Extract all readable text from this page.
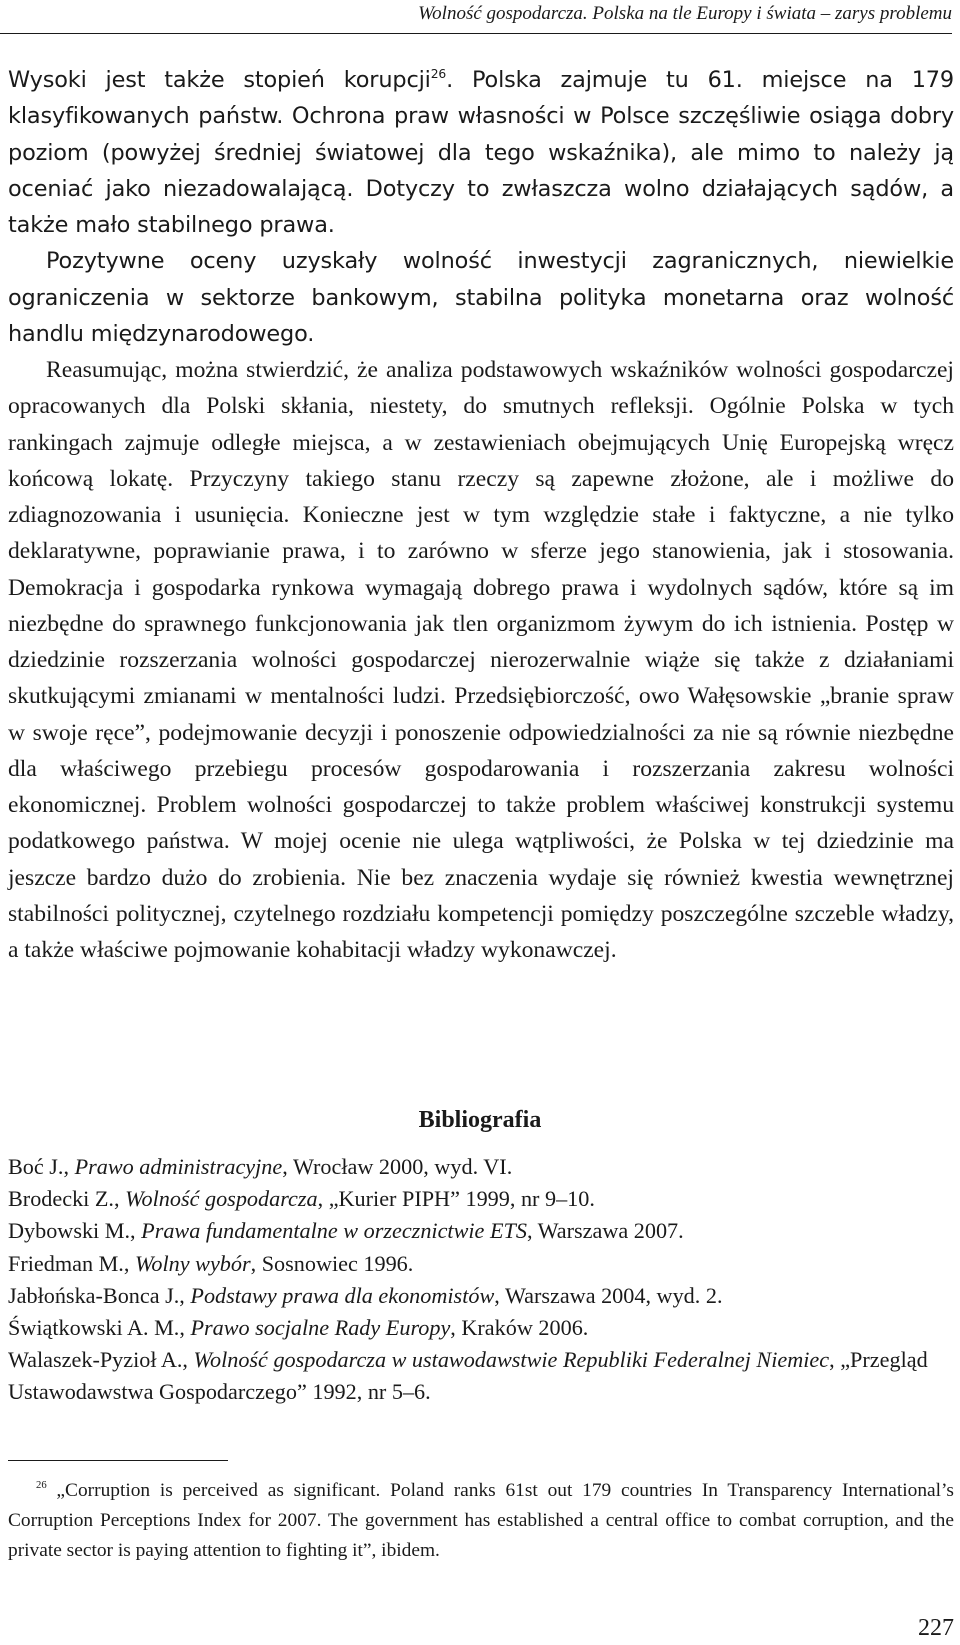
Wolność gospodarcza. Polska na tle Europy i świata – zarys problemu

Wysoki jest także stopień korupcji$^{26}$. Polska zajmuje tu 61. miejsce na 179 klasyfikowanych państw. Ochrona praw własności w Polsce szczęśliwie osiąga dobry poziom (powyżej średniej światowej dla tego wskaźnika), ale mimo to należy ją oceniać jako niezadowalającą. Dotyczy to zwłaszcza wolno działających sądów, a także mało stabilnego prawa.

Pozytywne oceny uzyskały wolność inwestycji zagranicznych, niewielkie ograniczenia w sektorze bankowym, stabilna polityka monetarna oraz wolność handlu międzynarodowego.

Reasumując, można stwierdzić, że analiza podstawowych wskaźników wolności gospodarczej opracowanych dla Polski skłania, niestety, do smutnych refleksji. Ogólnie Polska w tych rankingach zajmuje odległe miejsca, a w zestawieniach obejmujących Unię Europejską wręcz końcową lokatę. Przyczyny takiego stanu rzeczy są zapewne złożone, ale i możliwe do zdiagnozowania i usunięcia. Konieczne jest w tym względzie stałe i faktyczne, a nie tylko deklaratywne, poprawianie prawa, i to zarówno w sferze jego stanowienia, jak i stosowania. Demokracja i gospodarka rynkowa wymagają dobrego prawa i wydolnych sądów, które są im niezbędne do sprawnego funkcjonowania jak tlen organizmom żywym do ich istnienia. Postęp w dziedzinie rozszerzania wolności gospodarczej nierozerwalnie wiąże się także z działaniami skutkującymi zmianami w mentalności ludzi. Przedsiębiorczość, owo Wałęsowskie „branie spraw w swoje ręce”, podejmowanie decyzji i ponoszenie odpowiedzialności za nie są równie niezbędne dla właściwego przebiegu procesów gospodarowania i rozszerzania zakresu wolności ekonomicznej. Problem wolności gospodarczej to także problem właściwej konstrukcji systemu podatkowego państwa. W mojej ocenie nie ulega wątpliwości, że Polska w tej dziedzinie ma jeszcze bardzo dużo do zrobienia. Nie bez znaczenia wydaje się również kwestia wewnętrznej stabilności politycznej, czytelnego rozdziału kompetencji pomiędzy poszczególne szczeble władzy, a także właściwe pojmowanie kohabitacji władzy wykonawczej.

Bibliografia

Boć J., Prawo administracyjne, Wrocław 2000, wyd. VI.

Brodecki Z., Wolność gospodarcza, „Kurier PIPH” 1999, nr 9–10.

Dybowski M., Prawa fundamentalne w orzecznictwie ETS, Warszawa 2007.

Friedman M., Wolny wybór, Sosnowiec 1996.

Jabłońska-Bonca J., Podstawy prawa dla ekonomistów, Warszawa 2004, wyd. 2.

Świątkowski A. M., Prawo socjalne Rady Europy, Kraków 2006.

Walaszek-Pyzioł A., Wolność gospodarcza w ustawodawstwie Republiki Federalnej Niemiec, „Przegląd Ustawodawstwa Gospodarczego” 1992, nr 5–6.

$^{26}$ „Corruption is perceived as significant. Poland ranks 61st out 179 countries In Transparency International’s Corruption Perceptions Index for 2007. The government has established a central office to combat corruption, and the private sector is paying attention to fighting it”, ibidem.

227
